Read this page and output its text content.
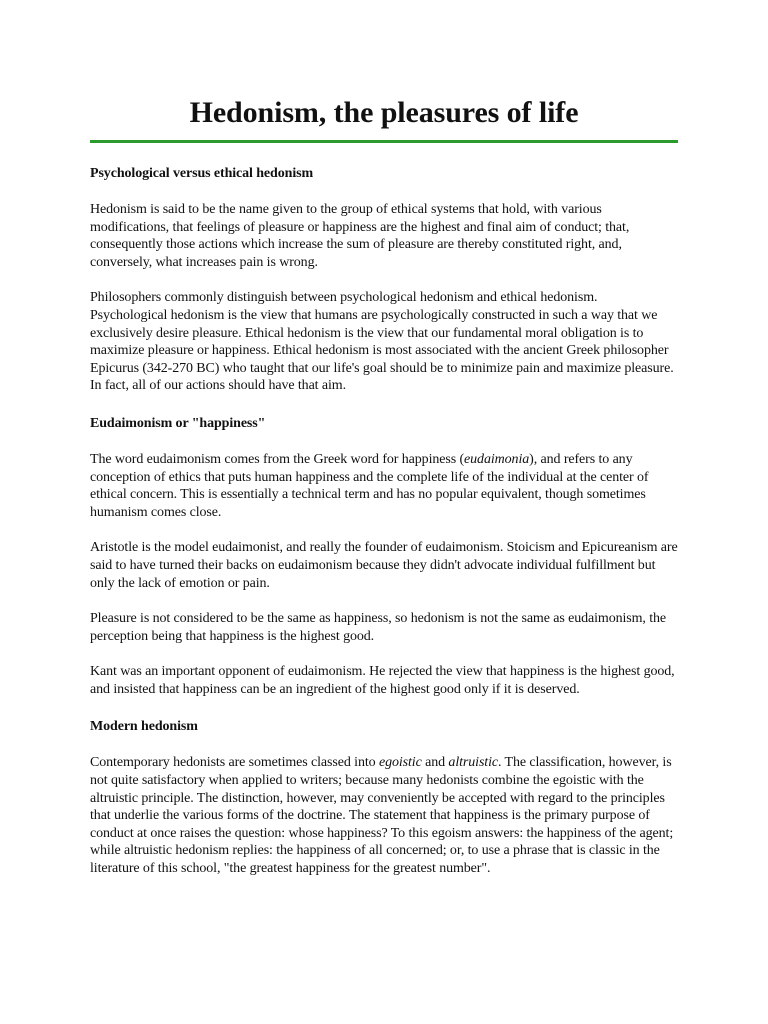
Hedonism, the pleasures of life
Psychological versus ethical hedonism

Hedonism is said to be the name given to the group of ethical systems that hold, with various modifications, that feelings of pleasure or happiness are the highest and final aim of conduct; that, consequently those actions which increase the sum of pleasure are thereby constituted right, and, conversely, what increases pain is wrong.

Philosophers commonly distinguish between psychological hedonism and ethical hedonism. Psychological hedonism is the view that humans are psychologically constructed in such a way that we exclusively desire pleasure. Ethical hedonism is the view that our fundamental moral obligation is to maximize pleasure or happiness. Ethical hedonism is most associated with the ancient Greek philosopher Epicurus (342-270 BC) who taught that our life's goal should be to minimize pain and maximize pleasure. In fact, all of our actions should have that aim.

Eudaimonism or "happiness"

The word eudaimonism comes from the Greek word for happiness (eudaimonia), and refers to any conception of ethics that puts human happiness and the complete life of the individual at the center of ethical concern. This is essentially a technical term and has no popular equivalent, though sometimes humanism comes close.

Aristotle is the model eudaimonist, and really the founder of eudaimonism. Stoicism and Epicureanism are said to have turned their backs on eudaimonism because they didn't advocate individual fulfillment but only the lack of emotion or pain.

Pleasure is not considered to be the same as happiness, so hedonism is not the same as eudaimonism, the perception being that happiness is the highest good.

Kant was an important opponent of eudaimonism. He rejected the view that happiness is the highest good, and insisted that happiness can be an ingredient of the highest good only if it is deserved.

Modern hedonism

Contemporary hedonists are sometimes classed into egoistic and altruistic. The classification, however, is not quite satisfactory when applied to writers; because many hedonists combine the egoistic with the altruistic principle. The distinction, however, may conveniently be accepted with regard to the principles that underlie the various forms of the doctrine. The statement that happiness is the primary purpose of conduct at once raises the question: whose happiness? To this egoism answers: the happiness of the agent; while altruistic hedonism replies: the happiness of all concerned; or, to use a phrase that is classic in the literature of this school, "the greatest happiness for the greatest number".
